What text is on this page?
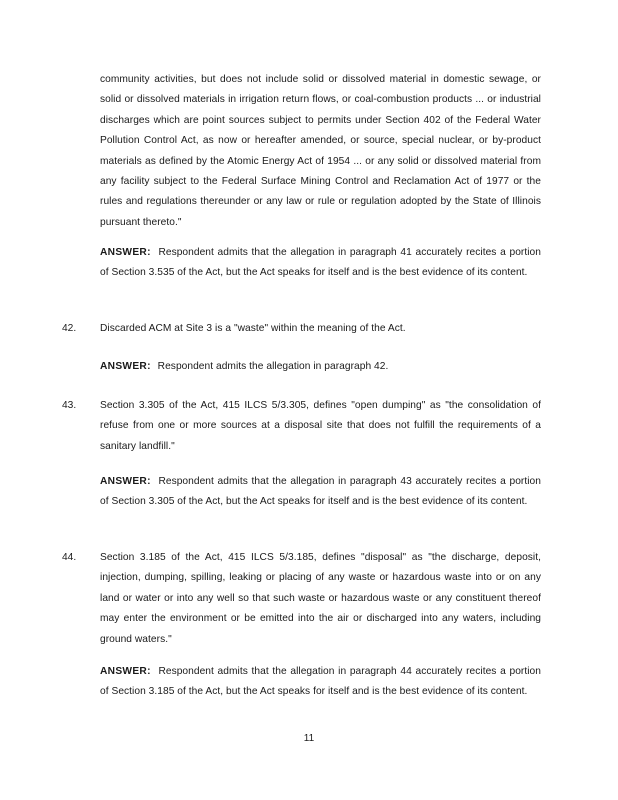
community activities, but does not include solid or dissolved material in domestic sewage, or solid or dissolved materials in irrigation return flows, or coal-combustion products ... or industrial discharges which are point sources subject to permits under Section 402 of the Federal Water Pollution Control Act, as now or hereafter amended, or source, special nuclear, or by-product materials as defined by the Atomic Energy Act of 1954 ... or any solid or dissolved material from any facility subject to the Federal Surface Mining Control and Reclamation Act of 1977 or the rules and regulations thereunder or any law or rule or regulation adopted by the State of Illinois pursuant thereto."

ANSWER: Respondent admits that the allegation in paragraph 41 accurately recites a portion of Section 3.535 of the Act, but the Act speaks for itself and is the best evidence of its content.

42. Discarded ACM at Site 3 is a "waste" within the meaning of the Act.

ANSWER: Respondent admits the allegation in paragraph 42.

43. Section 3.305 of the Act, 415 ILCS 5/3.305, defines "open dumping" as "the consolidation of refuse from one or more sources at a disposal site that does not fulfill the requirements of a sanitary landfill."

ANSWER: Respondent admits that the allegation in paragraph 43 accurately recites a portion of Section 3.305 of the Act, but the Act speaks for itself and is the best evidence of its content.

44. Section 3.185 of the Act, 415 ILCS 5/3.185, defines "disposal" as "the discharge, deposit, injection, dumping, spilling, leaking or placing of any waste or hazardous waste into or on any land or water or into any well so that such waste or hazardous waste or any constituent thereof may enter the environment or be emitted into the air or discharged into any waters, including ground waters."

ANSWER: Respondent admits that the allegation in paragraph 44 accurately recites a portion of Section 3.185 of the Act, but the Act speaks for itself and is the best evidence of its content.

11
